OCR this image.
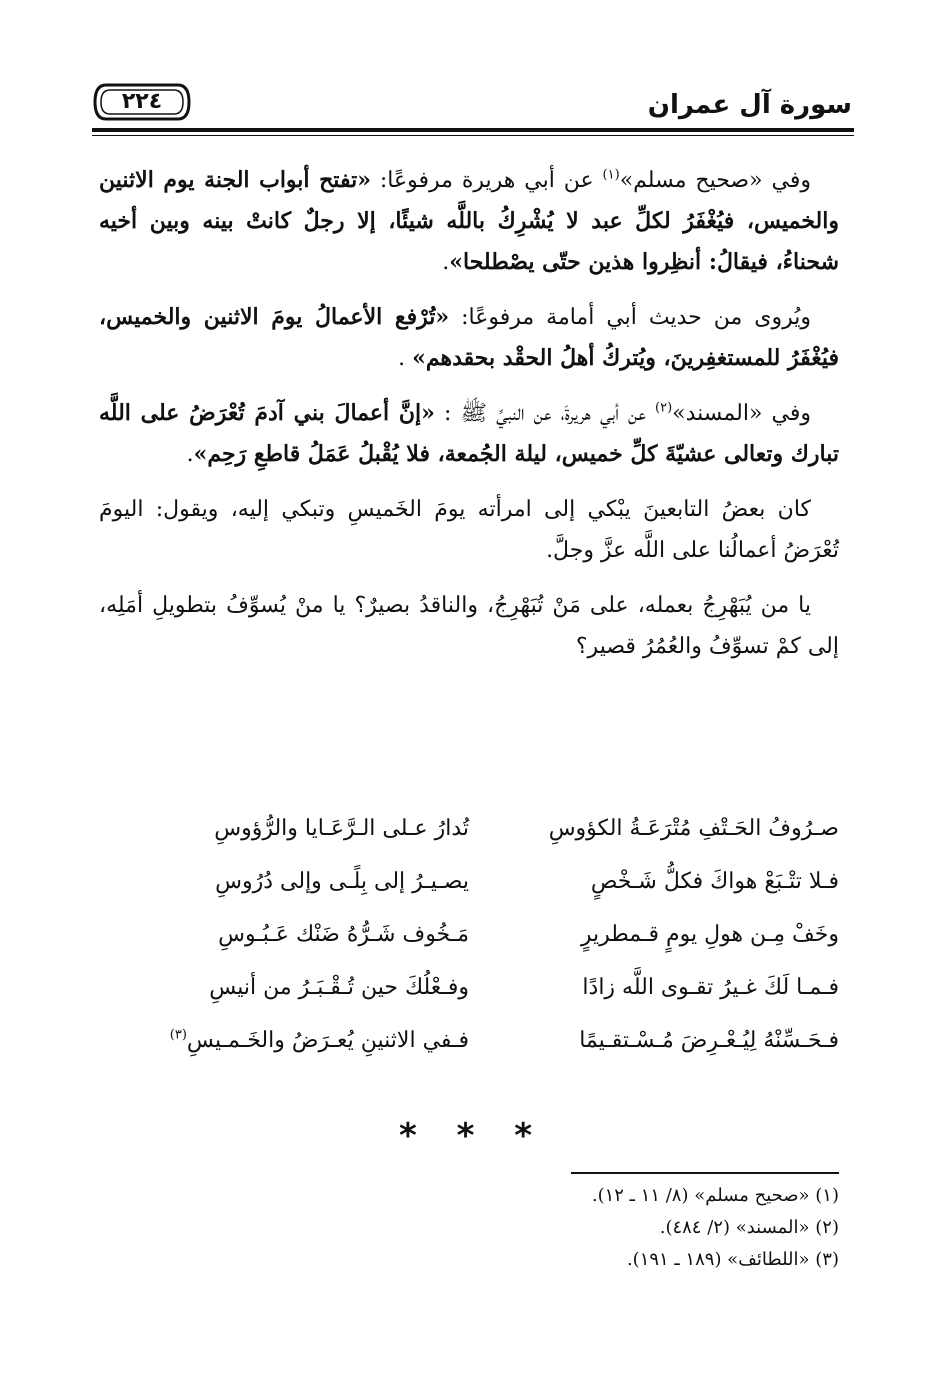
٢٢٤	سورة آل عمران

وفي «صحيح مسلم»$^{(١)}$ عن أبي هريرة مرفوعًا: «تفتح أبواب الجنة يوم الاثنين والخميس، فيُغْفَرُ لكلِّ عبد لا يُشْرِكُ باللَّه شيئًا، إلا رجلٌ كانتْ بينه وبين أخيه شحناءُ، فيقالُ: أنظِروا هذين حتّى يصْطلحا».

ويُروى من حديث أبي أمامة مرفوعًا: «تُرْفع الأعمالُ يومَ الاثنين والخميس، فيُغْفَرُ للمستغفِرينَ، ويُتركُ أهلُ الحقْد بحقدهم» .

وفي «المسند»$^{(٢)}$ عن أبي هريرةَ، عن النبيِّ ﷺ : «إنَّ أعمالَ بني آدمَ تُعْرَضُ على اللَّه تبارك وتعالى عشيّةَ كلِّ خميس، ليلة الجُمعة، فلا يُقْبلُ عَمَلُ قاطعِ رَحِم».

كان بعضُ التابعينَ يبْكي إلى امرأته يومَ الخَميسِ وتبكي إليه، ويقول: اليومَ تُعْرَضُ أعمالُنا على اللَّه عزَّ وجلَّ.

يا من يُبَهْرِجُ بعمله، على مَنْ تُبَهْرِجُ، والناقدُ بصيرٌ؟ يا منْ يُسوِّفُ بتطويلِ أمَلِه، إلى كمْ تسوِّفُ والعُمُرُ قصير؟

صـرُوفُ الحَـتْفِ مُتْرَعَـةُ الكؤوسِ
تُدارُ عـلى الـرَّعَـايا والرُّؤوسِ
فـلا تتْـبَعْ هواكَ فكلُّ شَـخْصٍ
يصـيـرُ إلى بِلًـى وإلى دُرُوسِ
وخَفْ مِـن هولِ يومٍ قـمطريرٍ
مَـخُوف شَـرُّهُ ضَنْك عَـبُـوسِ
فـمـا لَكَ غـيرُ تقـوى اللَّه زادًا
وفـعْلُكَ حين تُـقْـبَـرُ من أنيسِ
فـحَـسِّنْهُ لِيُـعْـرِضَ مُـسْـتقـيمًا
فـفي الاثنينِ يُعـرَضُ والخَـمـيسِ$^{(٣)}$
* * *

(١) «صحيح مسلم» (٨/ ١١ ـ ١٢).

(٢) «المسند» (٢/ ٤٨٤).

(٣) «اللطائف» (١٨٩ ـ ١٩١).
